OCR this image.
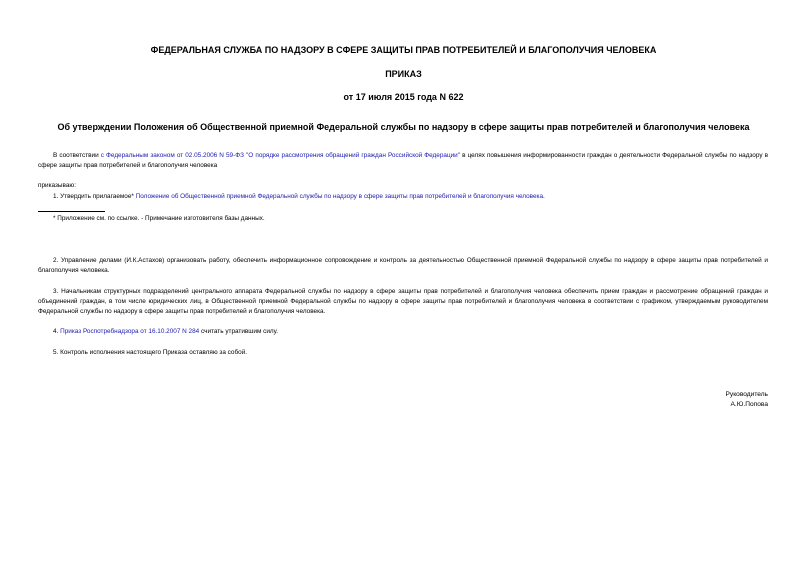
ФЕДЕРАЛЬНАЯ СЛУЖБА ПО НАДЗОРУ В СФЕРЕ ЗАЩИТЫ ПРАВ ПОТРЕБИТЕЛЕЙ И БЛАГОПОЛУЧИЯ ЧЕЛОВЕКА
ПРИКАЗ
от 17 июля 2015 года N 622
Об утверждении Положения об Общественной приемной Федеральной службы по надзору в сфере защиты прав потребителей и благополучия человека
В соответствии с Федеральным законом от 02.05.2006 N 59-ФЗ "О порядке рассмотрения обращений граждан Российской Федерации" в целях повышения информированности граждан о деятельности Федеральной службы по надзору в сфере защиты прав потребителей и благополучия человека
приказываю:
1. Утвердить прилагаемое* Положение об Общественной приемной Федеральной службы по надзору в сфере защиты прав потребителей и благополучия человека.
* Приложение см. по ссылке. - Примечание изготовителя базы данных.
2. Управление делами (И.К.Астахов) организовать работу, обеспечить информационное сопровождение и контроль за деятельностью Общественной приемной Федеральной службы по надзору в сфере защиты прав потребителей и благополучия человека.
3. Начальникам структурных подразделений центрального аппарата Федеральной службы по надзору в сфере защиты прав потребителей и благополучия человека обеспечить прием граждан и рассмотрение обращений граждан и объединений граждан, в том числе юридических лиц, в Общественной приемной Федеральной службы по надзору в сфере защиты прав потребителей и благополучия человека в соответствии с графиком, утверждаемым руководителем Федеральной службы по надзору в сфере защиты прав потребителей и благополучия человека.
4. Приказ Роспотребнадзора от 16.10.2007 N 284 считать утратившим силу.
5. Контроль исполнения настоящего Приказа оставляю за собой.
Руководитель
А.Ю.Попова
